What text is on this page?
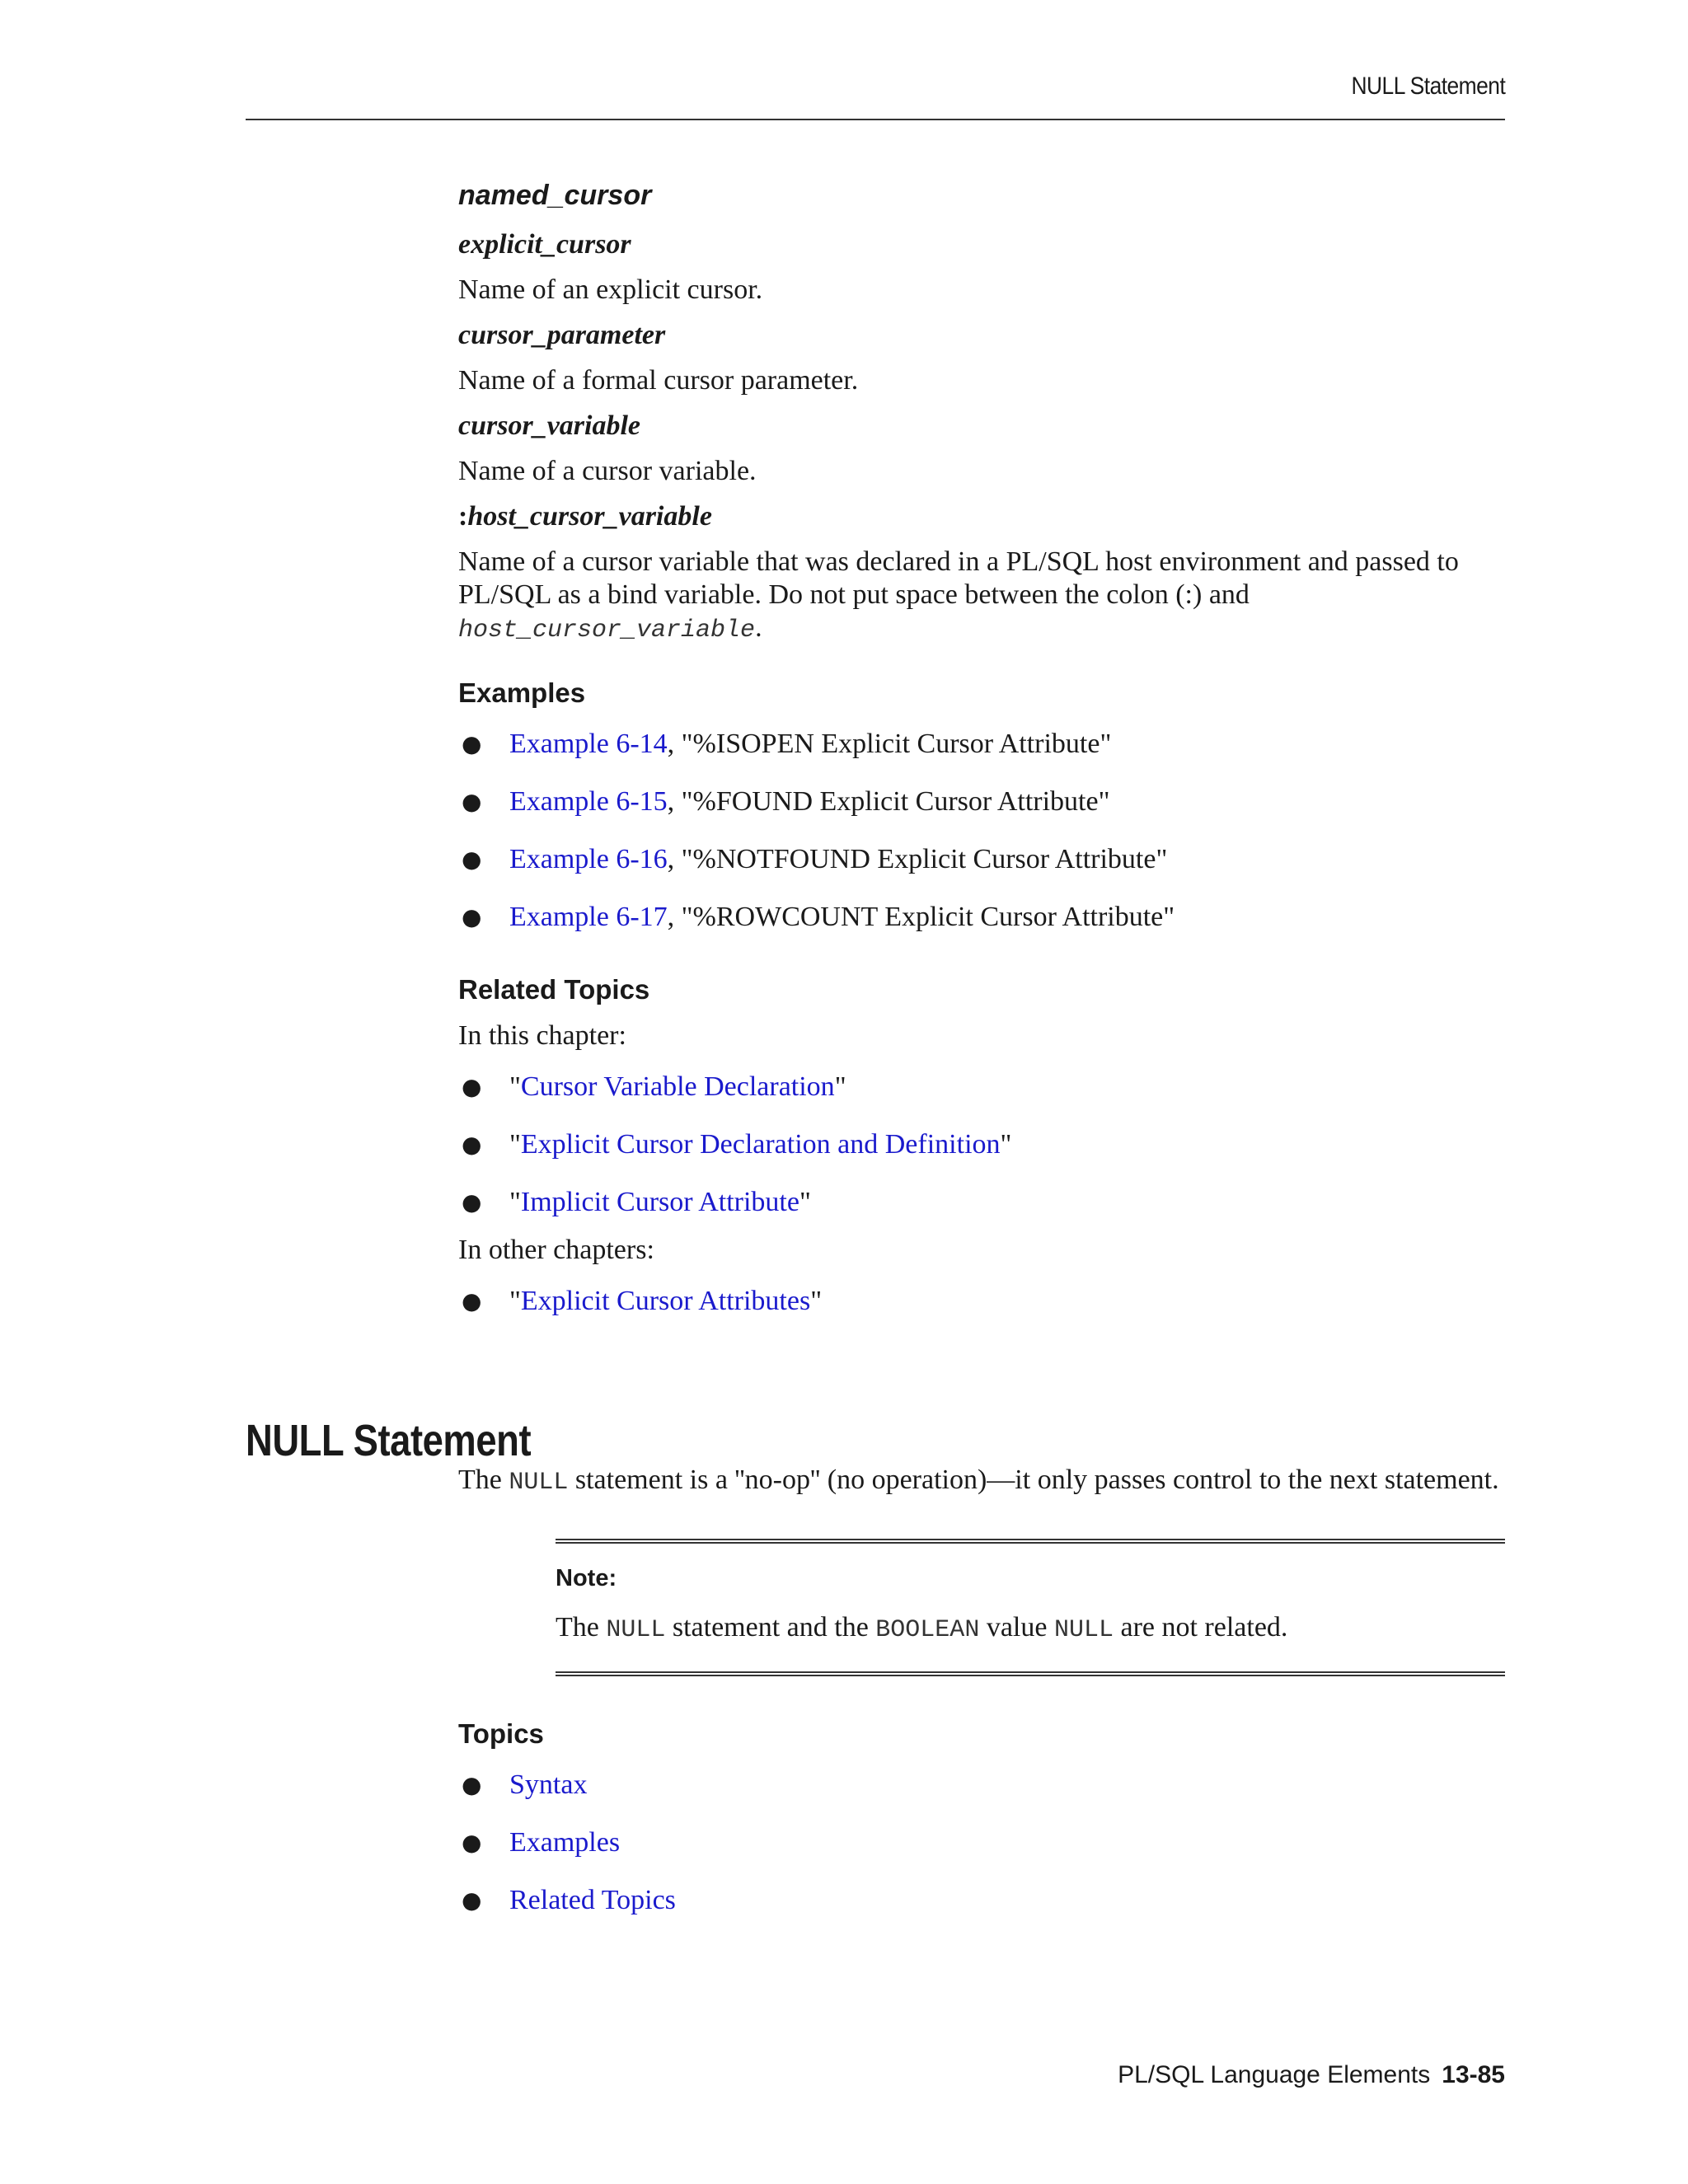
NULL Statement

named_cursor

explicit_cursor

Name of an explicit cursor.

cursor_parameter

Name of a formal cursor parameter.

cursor_variable

Name of a cursor variable.

:host_cursor_variable

Name of a cursor variable that was declared in a PL/SQL host environment and passed to PL/SQL as a bind variable. Do not put space between the colon (:) and host_cursor_variable.

Examples
● Example 6-14, "%ISOPEN Explicit Cursor Attribute"
● Example 6-15, "%FOUND Explicit Cursor Attribute"
● Example 6-16, "%NOTFOUND Explicit Cursor Attribute"
● Example 6-17, "%ROWCOUNT Explicit Cursor Attribute"
Related Topics

In this chapter:

● "Cursor Variable Declaration"
● "Explicit Cursor Declaration and Definition"
● "Implicit Cursor Attribute"

In other chapters:

● "Explicit Cursor Attributes"
NULL Statement

The NULL statement is a ''no-op'' (no operation)—it only passes control to the next statement.

Note:

The NULL statement and the BOOLEAN value NULL are not related.

Topics
● Syntax
● Examples
● Related Topics
PL/SQL Language Elements 13-85
